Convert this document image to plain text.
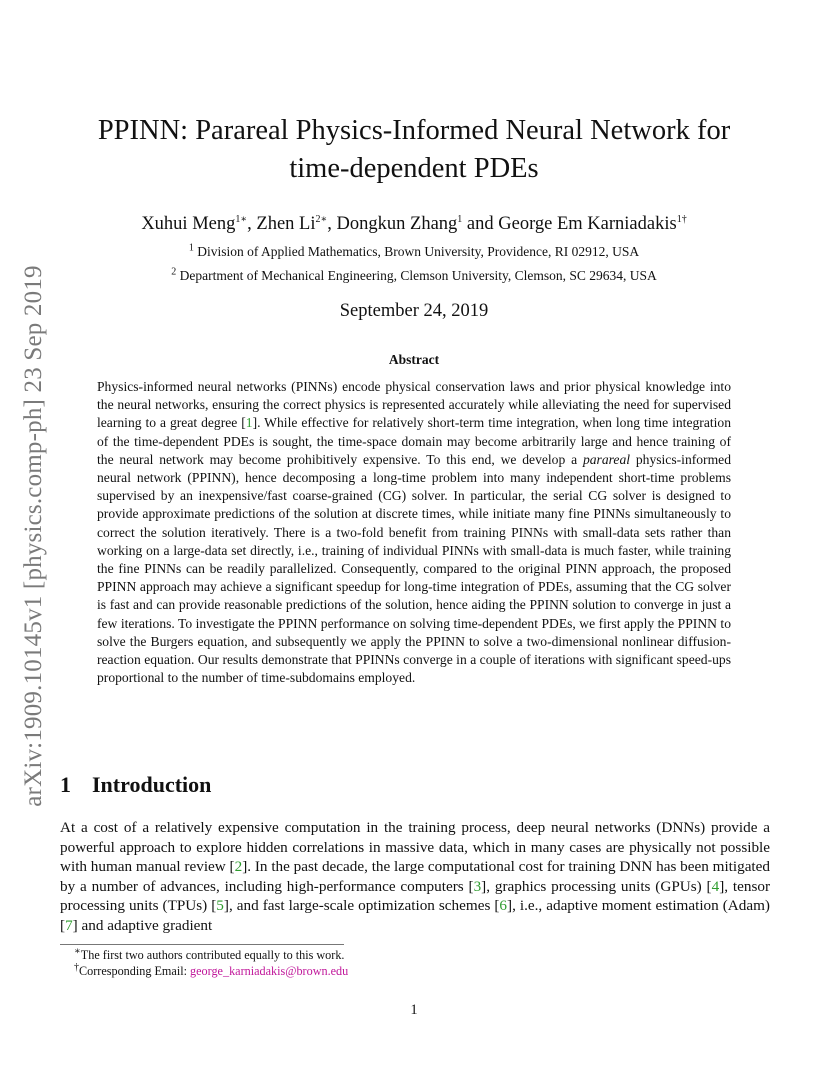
arXiv:1909.10145v1 [physics.comp-ph] 23 Sep 2019
PPINN: Parareal Physics-Informed Neural Network for
time-dependent PDEs
Xuhui Meng$^{1∗}$, Zhen $Li^{2∗}$, Dongkun Zhang$^1$ and George Em Karniadakis$^{1\dagger}$
$^1$ Division of Applied Mathematics, Brown University, Providence, RI 02912, USA
$^2$ Department of Mechanical Engineering, Clemson University, Clemson, SC 29634, USA
September 24, 2019
Abstract

Physics-informed neural networks (PINNs) encode physical conservation laws and prior physical knowledge into the neural networks, ensuring the correct physics is represented accurately while alleviating the need for supervised learning to a great degree [1]. While effective for relatively short-term time integration, when long time integration of the time-dependent PDEs is sought, the time-space domain may become arbitrarily large and hence training of the neural network may become prohibitively expensive. To this end, we develop a parareal physics-informed neural network (PPINN), hence decomposing a long-time problem into many independent short-time problems supervised by an inexpensive/fast coarse-grained (CG) solver. In particular, the serial CG solver is designed to provide approximate predictions of the solution at discrete times, while initiate many fine PINNs simultaneously to correct the solution iteratively. There is a two-fold benefit from training PINNs with small-data sets rather than working on a large-data set directly, i.e., training of individual PINNs with small-data is much faster, while training the fine PINNs can be readily parallelized. Consequently, compared to the original PINN approach, the proposed PPINN approach may achieve a significant speedup for long-time integration of PDEs, assuming that the CG solver is fast and can provide reasonable predictions of the solution, hence aiding the PPINN solution to converge in just a few iterations. To investigate the PPINN performance on solving time-dependent PDEs, we first apply the PPINN to solve the Burgers equation, and subsequently we apply the PPINN to solve a two-dimensional nonlinear diffusion-reaction equation. Our results demonstrate that PPINNs converge in a couple of iterations with significant speed-ups proportional to the number of time-subdomains employed.

1 Introduction

At a cost of a relatively expensive computation in the training process, deep neural networks (DNNs) provide a powerful approach to explore hidden correlations in massive data, which in many cases are physically not possible with human manual review [2]. In the past decade, the large computational cost for training DNN has been mitigated by a number of advances, including high-performance computers [3], graphics processing units (GPUs) [4], tensor processing units (TPUs) [5], and fast large-scale optimization schemes [6], i.e., adaptive moment estimation (Adam) [7] and adaptive gradient

∗The first two authors contributed equally to this work.
†Corresponding Email: george_karniadakis@brown.edu
1
